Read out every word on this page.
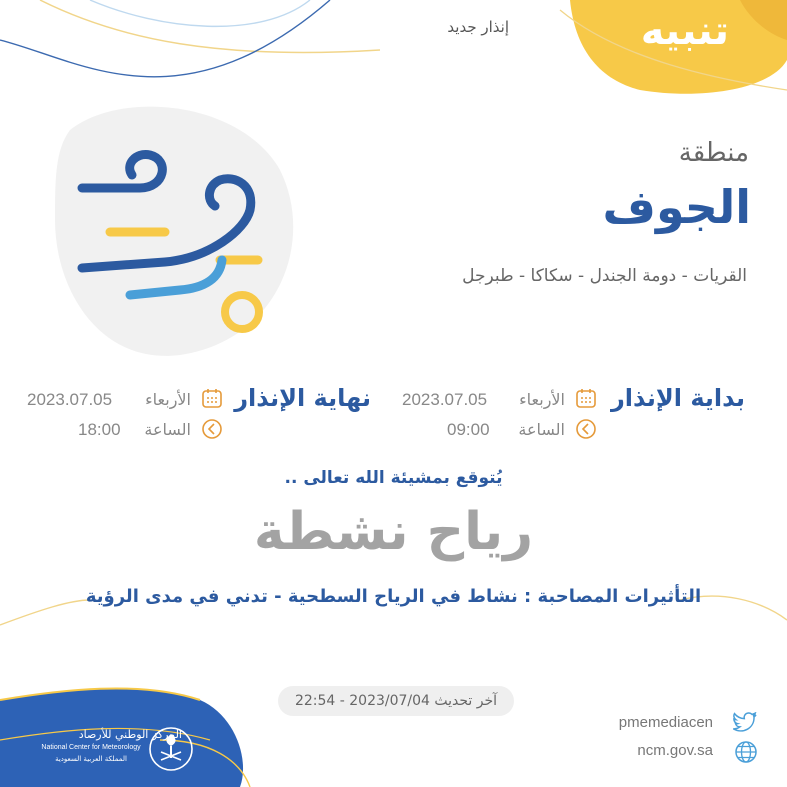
تنبيه
إنذار جديد
منطقة
الجوف
القريات - دومة الجندل - سكاكا - طبرجل
بداية الإنذار
الأربعاء
2023.07.05
الساعة
09:00
نهاية الإنذار
الأربعاء
2023.07.05
الساعة
18:00
يُتوقع بمشيئة الله تعالى ..
رياح نشطة
التأثيرات المصاحبة : نشاط في الرياح السطحية - تدني في مدى الرؤية
آخر تحديث 2023/07/04 - 22:54
pmemediacen
ncm.gov.sa
المركز الوطني للأرصاد
National Center for Meteorology
المملكة العربية السعودية
